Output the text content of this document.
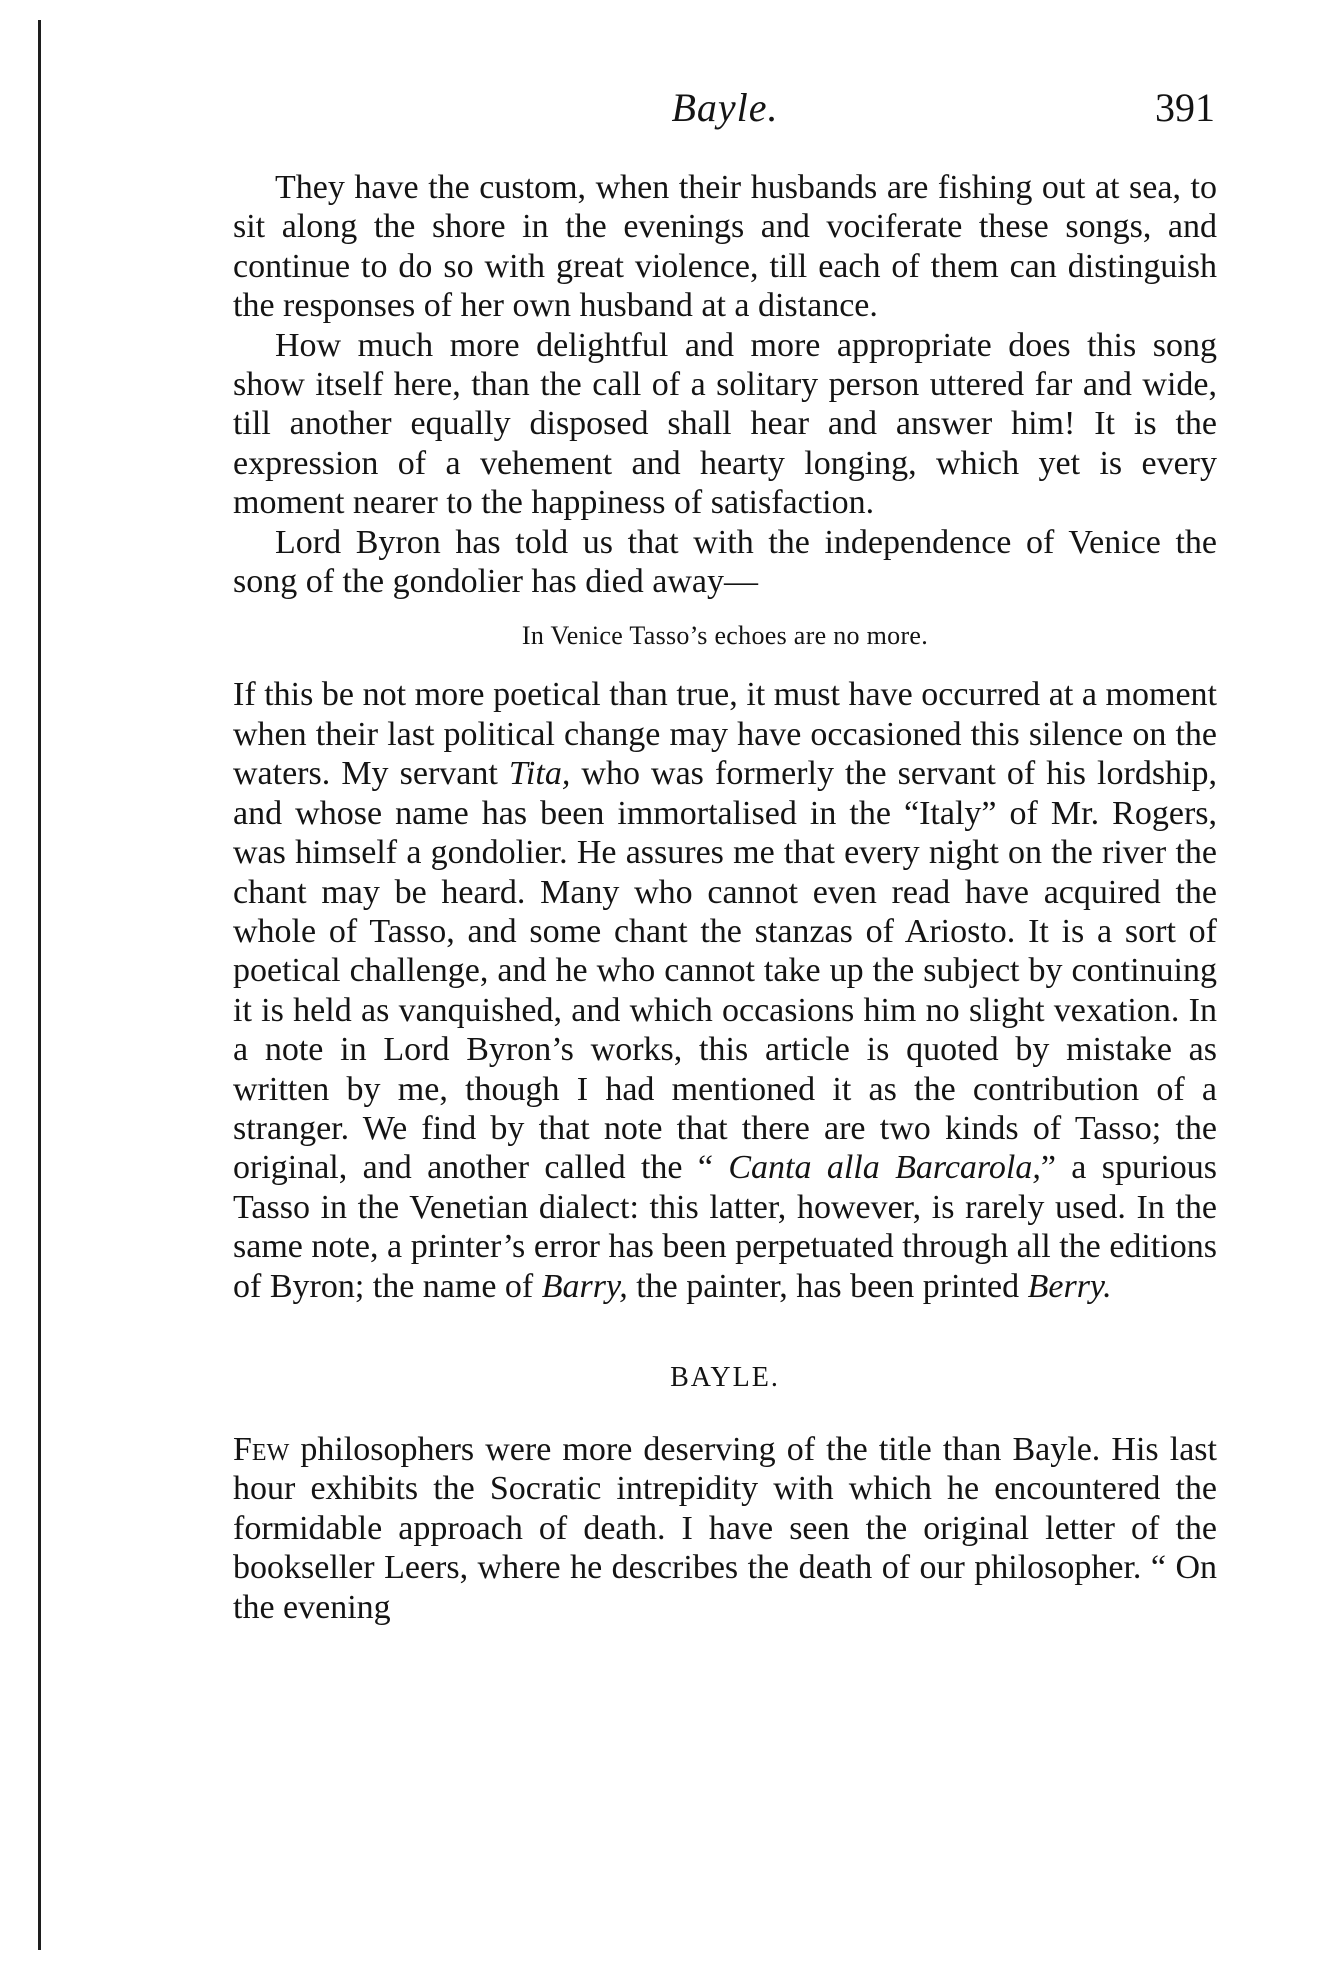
Bayle.	391

They have the custom, when their husbands are fishing out at sea, to sit along the shore in the evenings and vociferate these songs, and continue to do so with great violence, till each of them can distinguish the responses of her own husband at a distance.

How much more delightful and more appropriate does this song show itself here, than the call of a solitary person uttered far and wide, till another equally disposed shall hear and answer him! It is the expression of a vehement and hearty longing, which yet is every moment nearer to the happiness of satisfaction.

Lord Byron has told us that with the independence of Venice the song of the gondolier has died away—

In Venice Tasso’s echoes are no more.

If this be not more poetical than true, it must have occurred at a moment when their last political change may have occasioned this silence on the waters. My servant Tita, who was formerly the servant of his lordship, and whose name has been immortalised in the “Italy” of Mr. Rogers, was himself a gondolier. He assures me that every night on the river the chant may be heard. Many who cannot even read have acquired the whole of Tasso, and some chant the stanzas of Ariosto. It is a sort of poetical challenge, and he who cannot take up the subject by continuing it is held as vanquished, and which occasions him no slight vexation. In a note in Lord Byron’s works, this article is quoted by mistake as written by me, though I had mentioned it as the contribution of a stranger. We find by that note that there are two kinds of Tasso; the original, and another called the “ Canta alla Barcarola,” a spurious Tasso in the Venetian dialect: this latter, however, is rarely used. In the same note, a printer’s error has been perpetuated through all the editions of Byron; the name of Barry, the painter, has been printed Berry.

BAYLE.

Few philosophers were more deserving of the title than Bayle. His last hour exhibits the Socratic intrepidity with which he encountered the formidable approach of death. I have seen the original letter of the bookseller Leers, where he describes the death of our philosopher. “ On the evening
